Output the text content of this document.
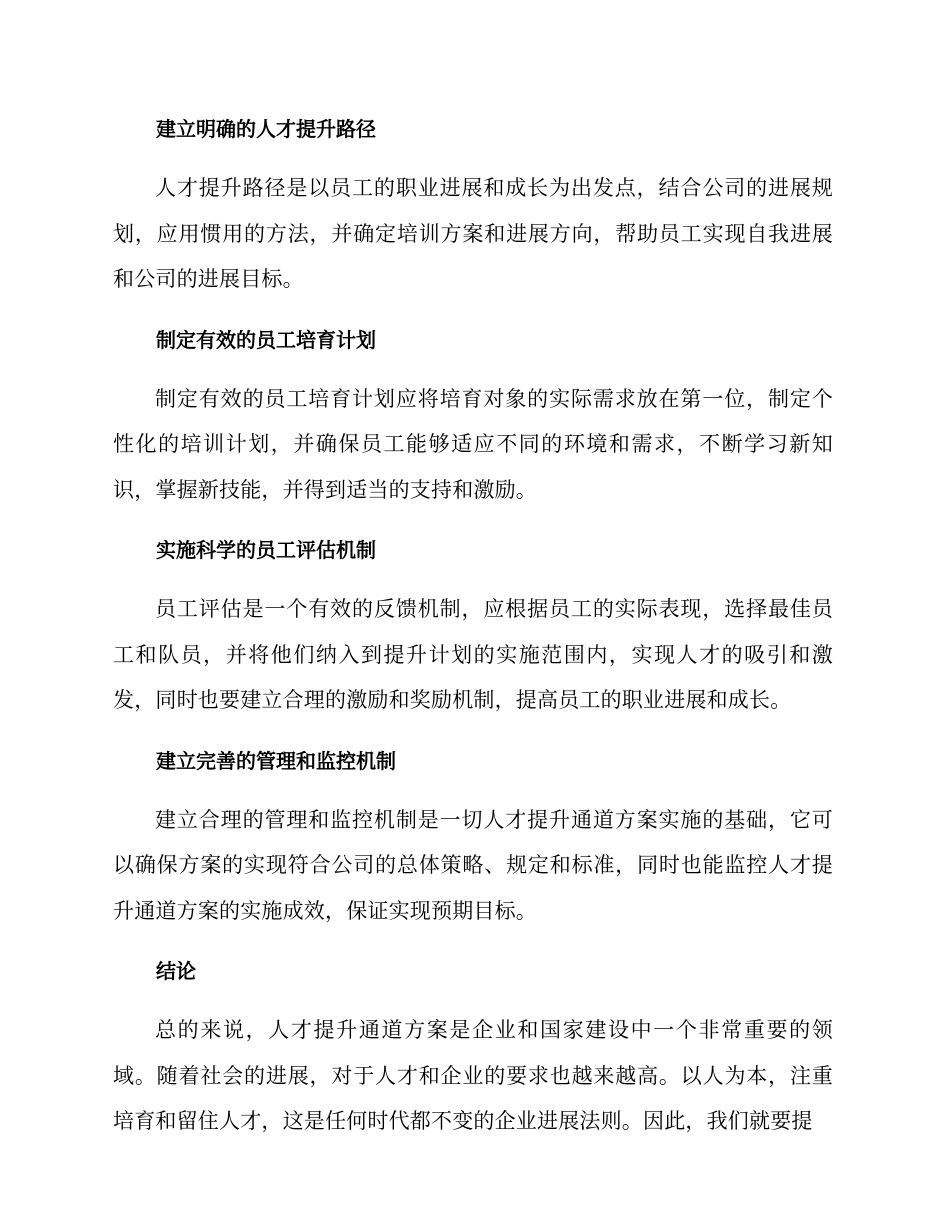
建立明确的人才提升路径
人才提升路径是以员工的职业进展和成长为出发点，结合公司的进展规划，应用惯用的方法，并确定培训方案和进展方向，帮助员工实现自我进展和公司的进展目标。
制定有效的员工培育计划
制定有效的员工培育计划应将培育对象的实际需求放在第一位，制定个性化的培训计划，并确保员工能够适应不同的环境和需求，不断学习新知识，掌握新技能，并得到适当的支持和激励。
实施科学的员工评估机制
员工评估是一个有效的反馈机制，应根据员工的实际表现，选择最佳员工和队员，并将他们纳入到提升计划的实施范围内，实现人才的吸引和激发，同时也要建立合理的激励和奖励机制，提高员工的职业进展和成长。
建立完善的管理和监控机制
建立合理的管理和监控机制是一切人才提升通道方案实施的基础，它可以确保方案的实现符合公司的总体策略、规定和标准，同时也能监控人才提升通道方案的实施成效，保证实现预期目标。
结论
总的来说，人才提升通道方案是企业和国家建设中一个非常重要的领域。随着社会的进展，对于人才和企业的要求也越来越高。以人为本，注重培育和留住人才，这是任何时代都不变的企业进展法则。因此，我们就要提
